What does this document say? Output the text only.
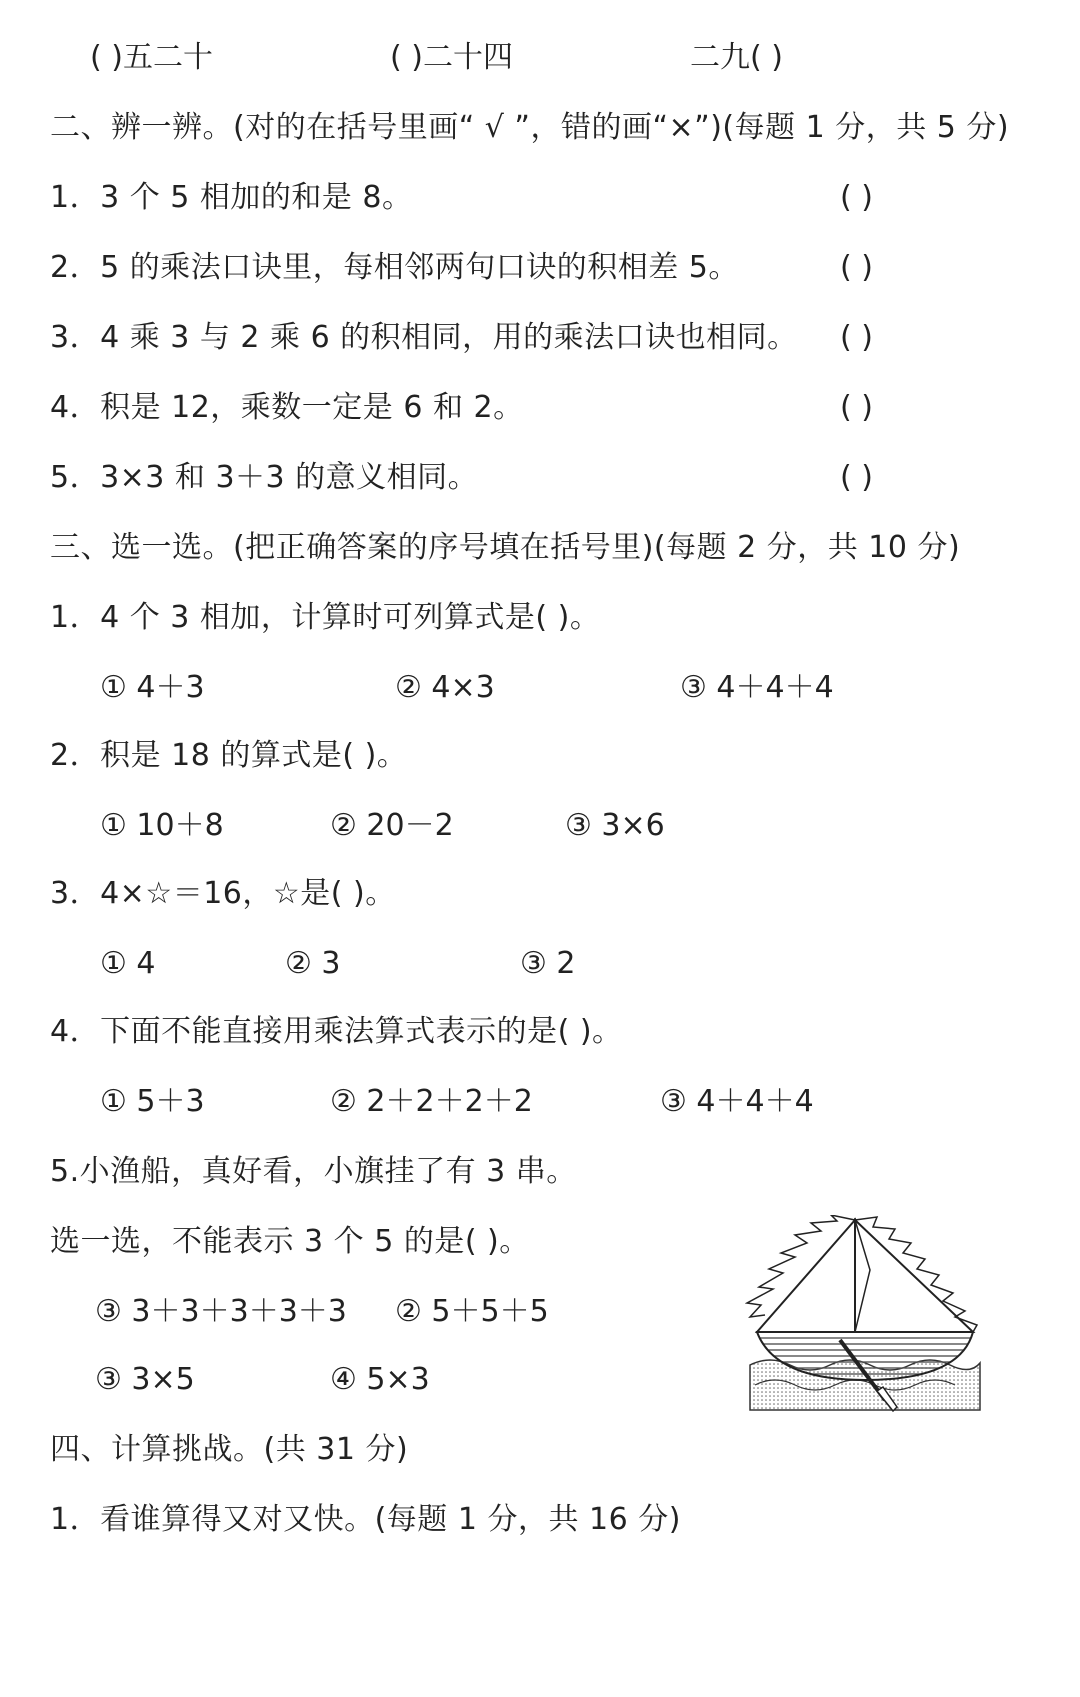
( )五二十	( )二十四	二九( )
二、辨一辨。(对的在括号里画“ √ ”，错的画“×”)(每题 1 分，共 5 分)
1．3 个 5 相加的和是 8。	( )
2．5 的乘法口诀里，每相邻两句口诀的积相差 5。	( )
3．4 乘 3 与 2 乘 6 的积相同，用的乘法口诀也相同。 ( )
4．积是 12，乘数一定是 6 和 2。	( )
5．3×3 和 3＋3 的意义相同。	( )
三、选一选。(把正确答案的序号填在括号里)(每题 2 分，共 10 分)
1．4 个 3 相加，计算时可列算式是( )。
① 4＋3	② 4×3	③ 4＋4＋4
2．积是 18 的算式是( )。
① 10＋8	② 20－2	③ 3×6
3．4×☆＝16，☆是( )。
① 4	② 3	③ 2
4．下面不能直接用乘法算式表示的是( )。
① 5＋3	② 2＋2＋2＋2	③ 4＋4＋4
5.小渔船，真好看，小旗挂了有 3 串。
选一选，不能表示 3 个 5 的是( )。
③ 3＋3＋3＋3＋3 ② 5＋5＋5
③ 3×5	④ 5×3
四、计算挑战。(共 31 分)
1．看谁算得又对又快。(每题 1 分，共 16 分)
